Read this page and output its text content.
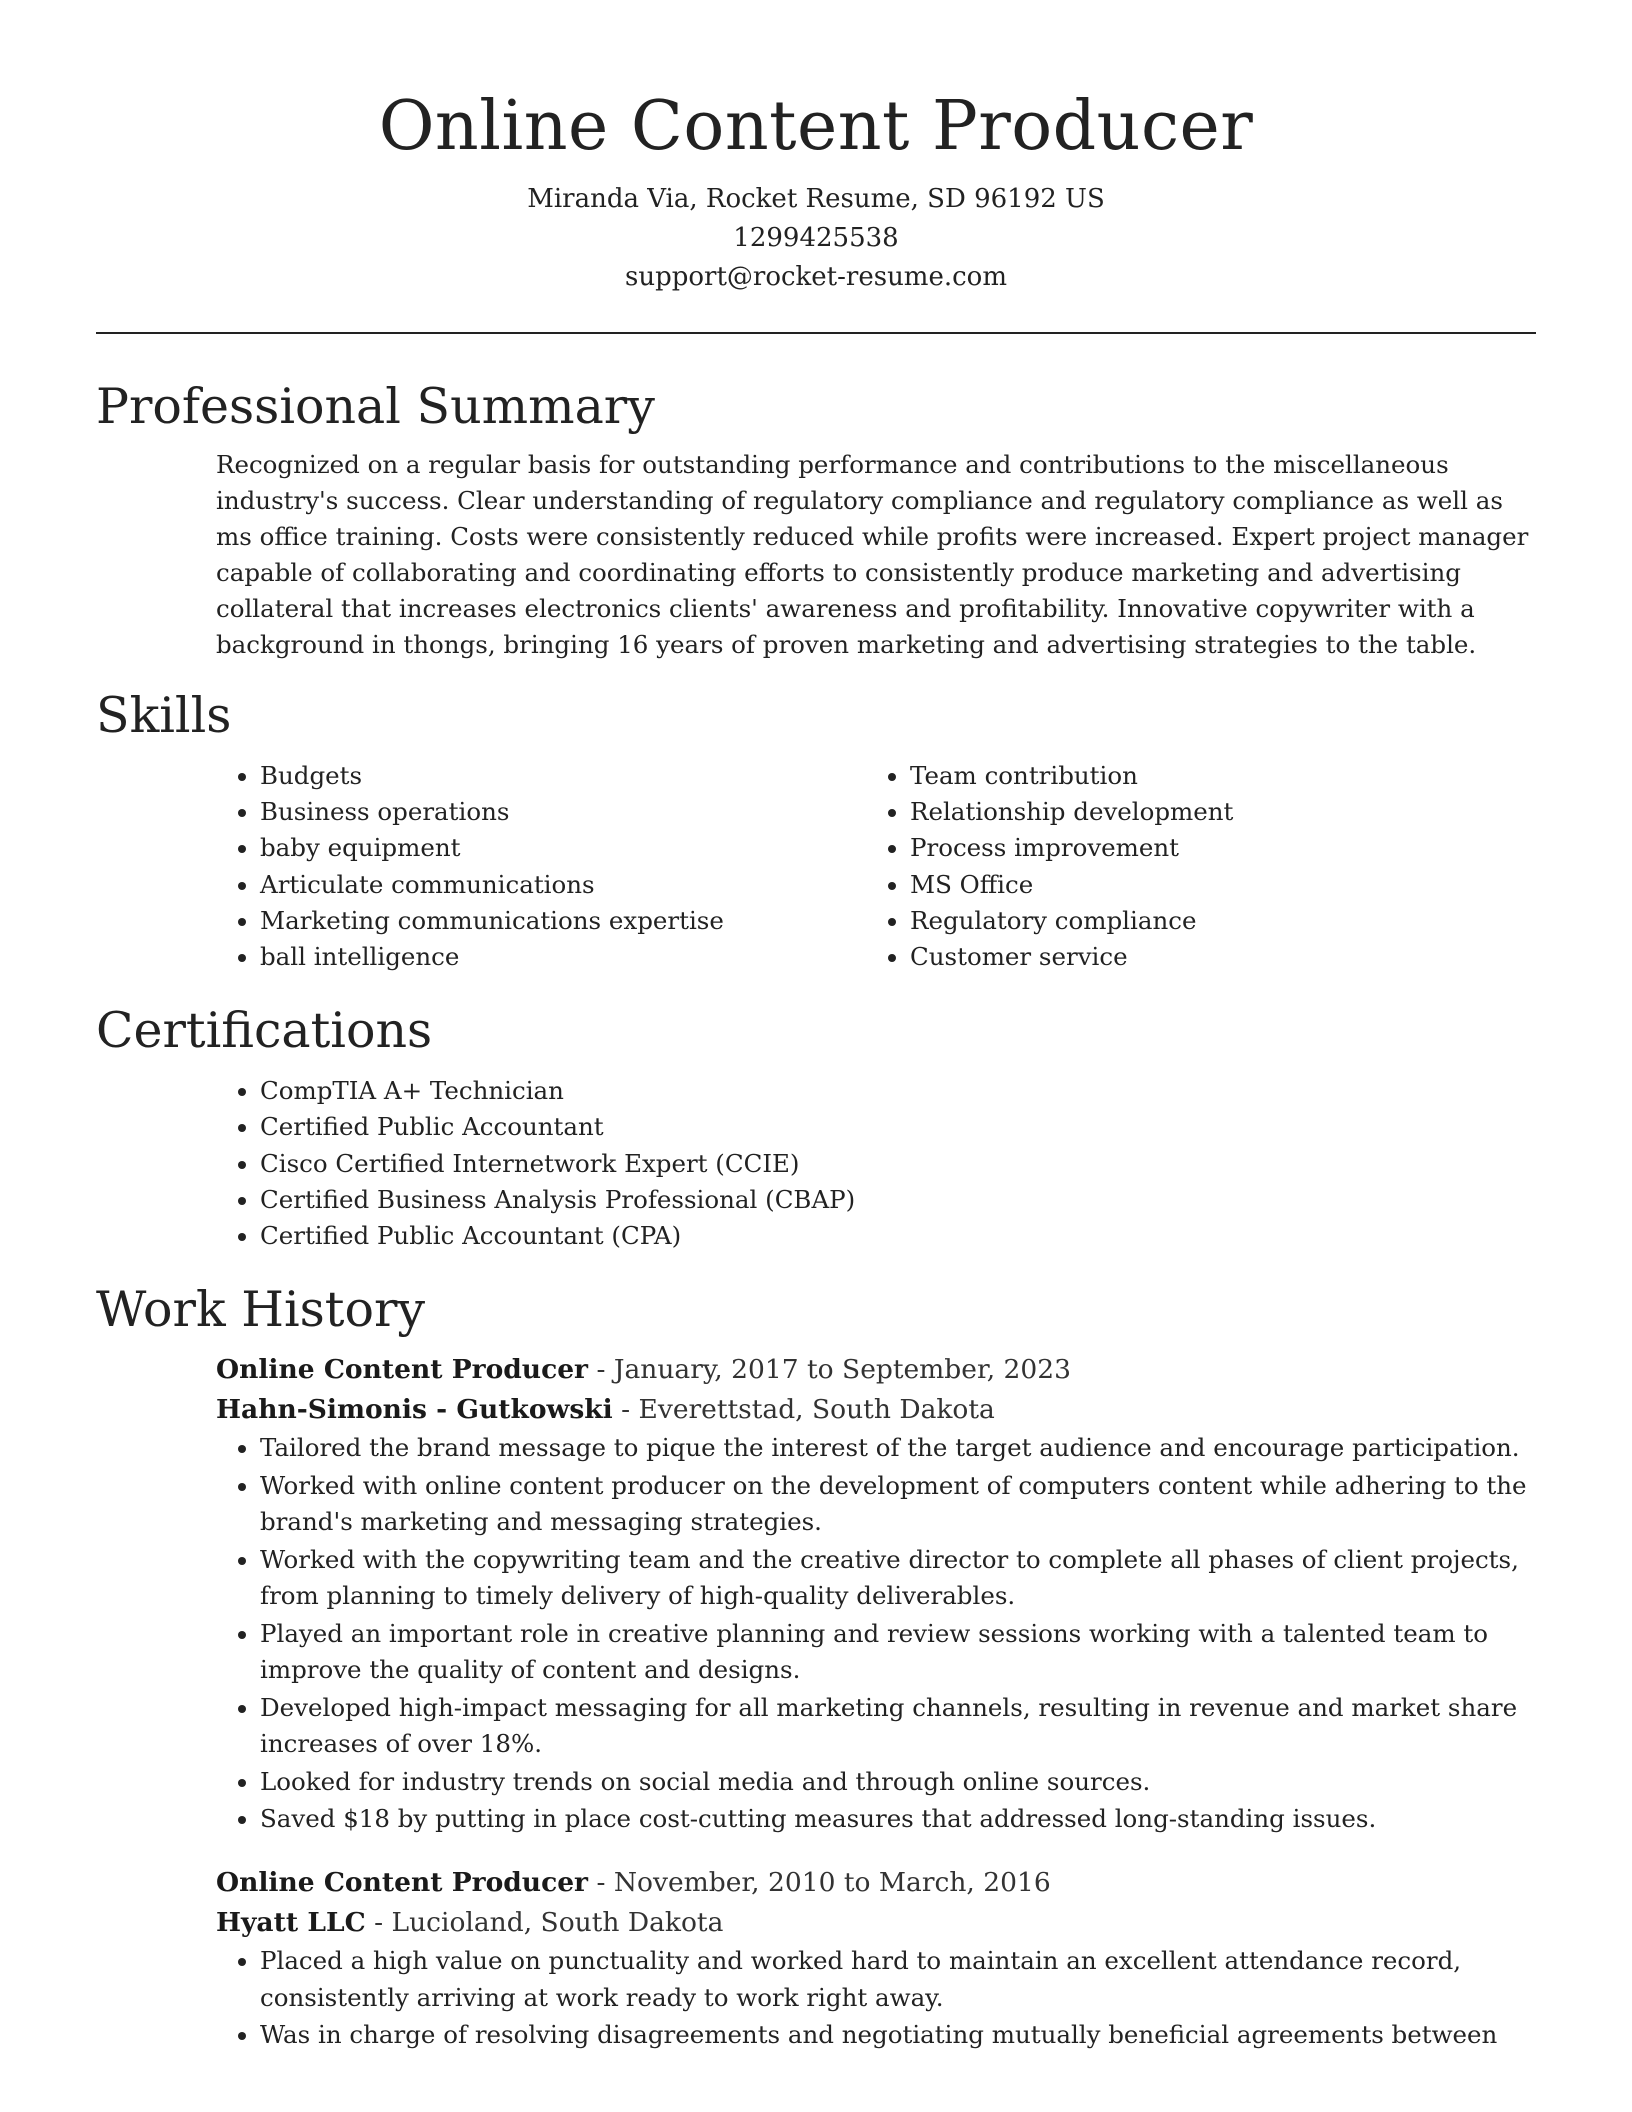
Online Content Producer
Miranda Via, Rocket Resume, SD 96192 US
1299425538
support@rocket-resume.com
Professional Summary

Recognized on a regular basis for outstanding performance and contributions to the miscellaneous industry's success. Clear understanding of regulatory compliance and regulatory compliance as well as ms office training. Costs were consistently reduced while profits were increased. Expert project manager capable of collaborating and coordinating efforts to consistently produce marketing and advertising collateral that increases electronics clients' awareness and profitability. Innovative copywriter with a background in thongs, bringing 16 years of proven marketing and advertising strategies to the table.

Skills
• Budgets
• Business operations
• baby equipment
• Articulate communications
• Marketing communications expertise
• ball intelligence
• Team contribution
• Relationship development
• Process improvement
• MS Office
• Regulatory compliance
• Customer service
Certifications
• CompTIA A+ Technician
• Certified Public Accountant
• Cisco Certified Internetwork Expert (CCIE)
• Certified Business Analysis Professional (CBAP)
• Certified Public Accountant (CPA)
Work History
Online Content Producer - January, 2017 to September, 2023
Hahn-Simonis - Gutkowski - Everettstad, South Dakota
• Tailored the brand message to pique the interest of the target audience and encourage participation.
• Worked with online content producer on the development of computers content while adhering to the brand's marketing and messaging strategies.
• Worked with the copywriting team and the creative director to complete all phases of client projects, from planning to timely delivery of high-quality deliverables.
• Played an important role in creative planning and review sessions working with a talented team to improve the quality of content and designs.
• Developed high-impact messaging for all marketing channels, resulting in revenue and market share increases of over 18%.
• Looked for industry trends on social media and through online sources.
• Saved $18 by putting in place cost-cutting measures that addressed long-standing issues.
Online Content Producer - November, 2010 to March, 2016
Hyatt LLC - Lucioland, South Dakota
• Placed a high value on punctuality and worked hard to maintain an excellent attendance record, consistently arriving at work ready to work right away.
• Was in charge of resolving disagreements and negotiating mutually beneficial agreements between
